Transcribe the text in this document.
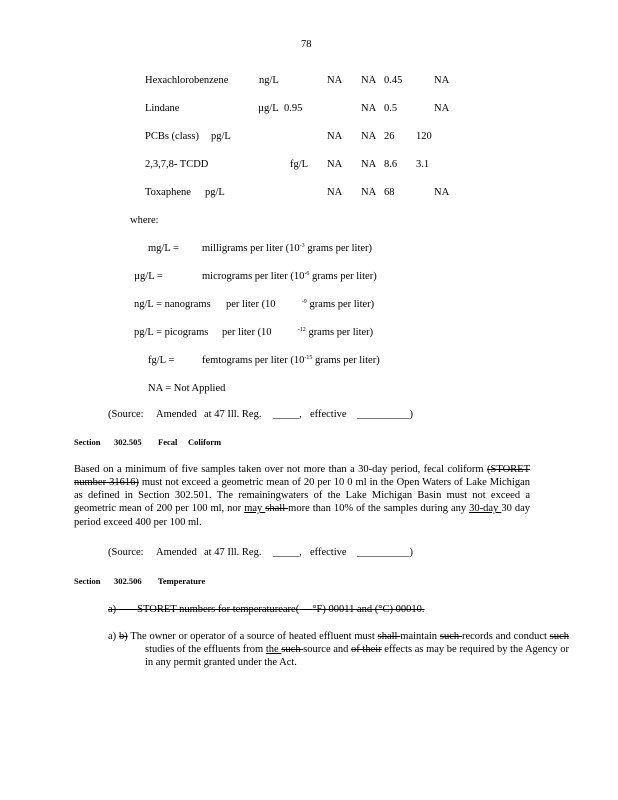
78
Hexachlorobenzene	ng/L	NA NA 0.45	NA
Lindane	µg/L 0.95	NA 0.5	NA
PCBs (class) pg/L	NA NA 26 120
2,3,7,8- TCDD	fg/L NA NA 8.6 3.1
Toxaphene pg/L	NA NA 68	NA
where:
mg/L = milligrams per liter ($10^{-3}$ grams per liter)
µg/L =	micrograms per liter ($10^{-6}$ grams per liter)
ng/L = nanograms per liter (10	$^{-9}$ grams per liter)
pg/L = picograms per liter (10	$^{-12}$ grams per liter)
fg/L =	femtograms per liter ($10^{-15}$ grams per liter)
NA = Not Applied
(Source: Amended at 47 Ill. Reg. _____, effective __________)
Section 302.505 Fecal Coliform
Based on a minimum of five samples taken over not more than a 30-day period, fecal coliform (STORET number 31616) must not exceed a geometric mean of 20 per 10 0 ml in the Open Waters of Lake Michigan as defined in Section 302.501. The remainingwaters of the Lake Michigan Basin must not exceed a geometric mean of 200 per 100 ml, nor may shall more than 10% of the samples during any 30-day 30 day period exceed 400 per 100 ml.
(Source: Amended at 47 Ill. Reg. _____, effective __________)
Section 302.506 Temperature
a) STORET numbers for temperatureare( °F) 00011 and (°C) 00010.
a) b) The owner or operator of a source of heated effluent must shall maintain such records and conduct such studies of the effluents from the such source and of their effects as may be required by the Agency or in any permit granted under the Act.
